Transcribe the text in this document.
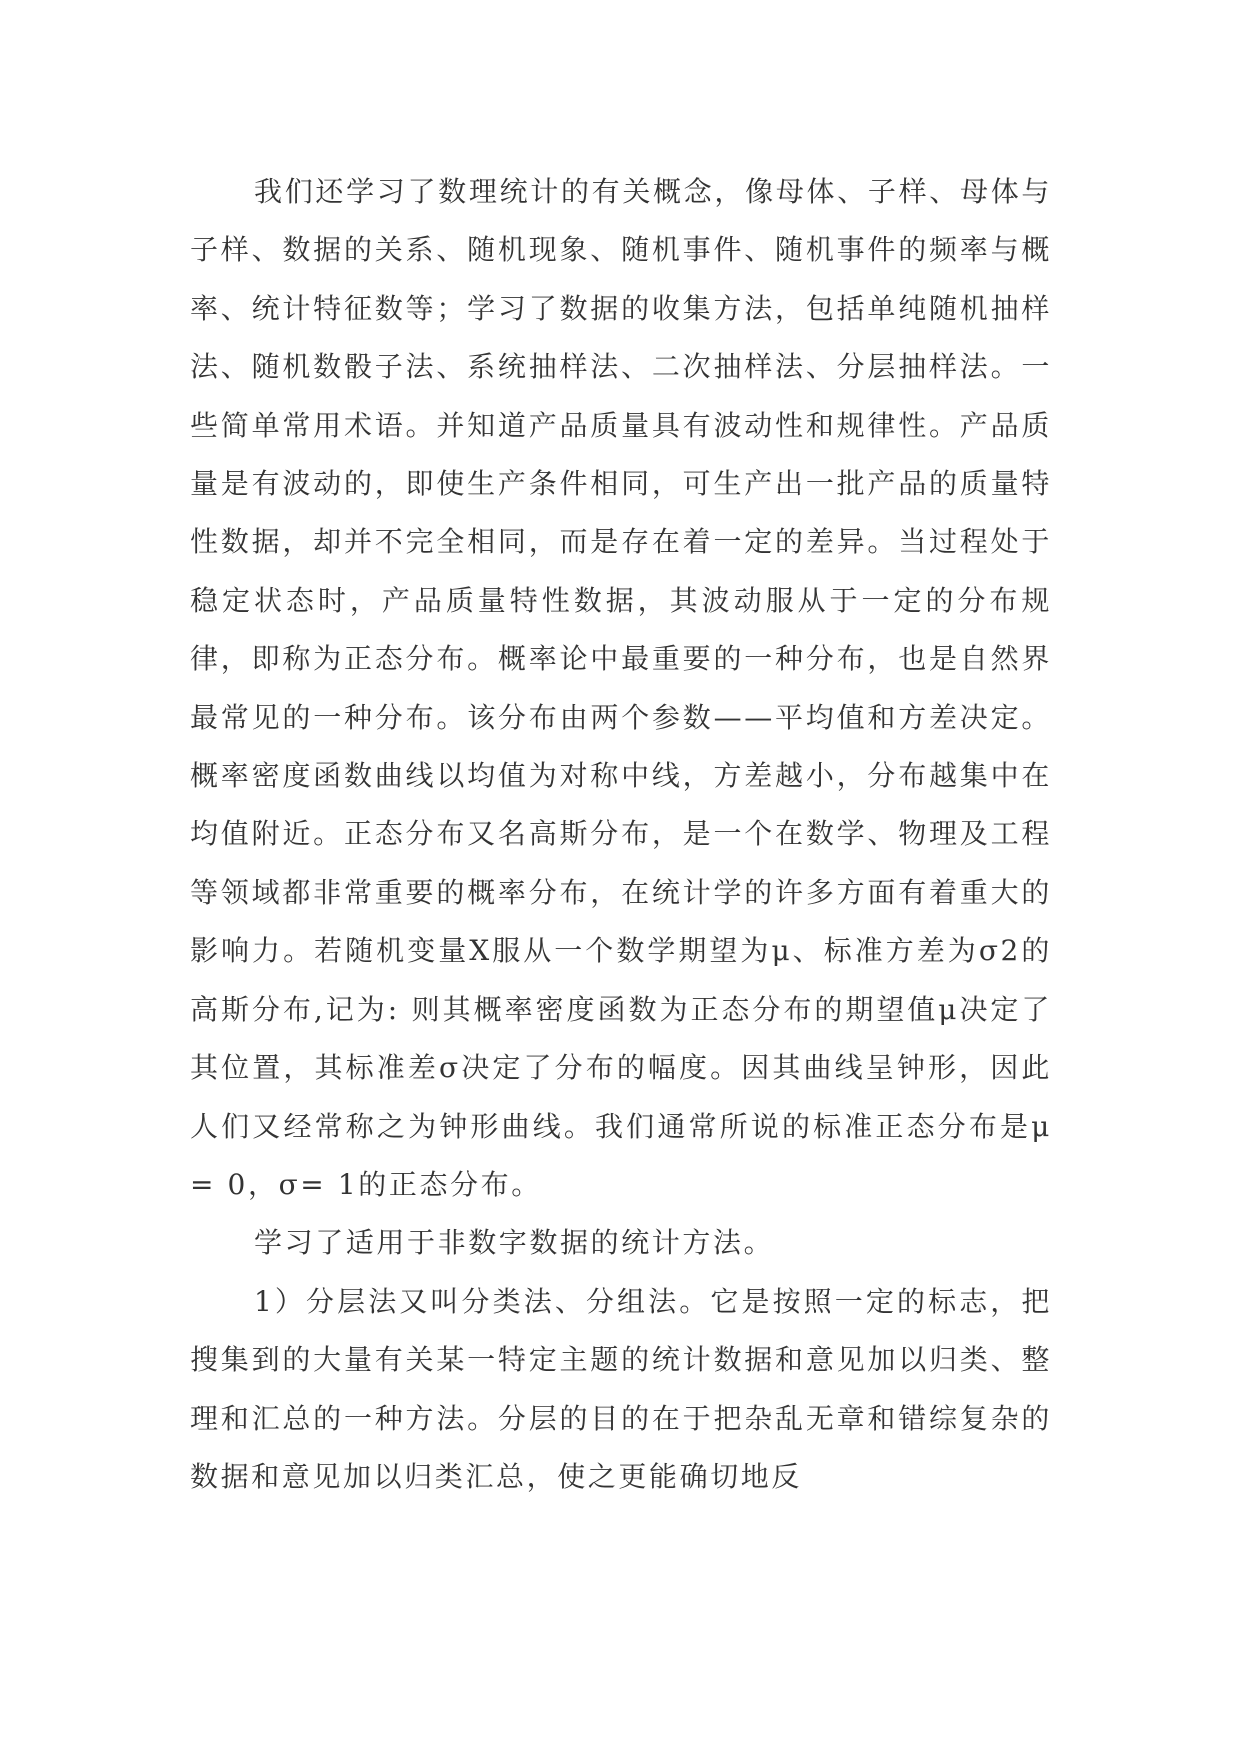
我们还学习了数理统计的有关概念，像母体、子样、母体与子样、数据的关系、随机现象、随机事件、随机事件的频率与概率、统计特征数等；学习了数据的收集方法，包括单纯随机抽样法、随机数骰子法、系统抽样法、二次抽样法、分层抽样法。一些简单常用术语。并知道产品质量具有波动性和规律性。产品质量是有波动的，即使生产条件相同，可生产出一批产品的质量特性数据，却并不完全相同，而是存在着一定的差异。当过程处于稳定状态时，产品质量特性数据，其波动服从于一定的分布规律，即称为正态分布。概率论中最重要的一种分布，也是自然界最常见的一种分布。该分布由两个参数——平均值和方差决定。概率密度函数曲线以均值为对称中线，方差越小，分布越集中在均值附近。正态分布又名高斯分布，是一个在数学、物理及工程等领域都非常重要的概率分布，在统计学的许多方面有着重大的影响力。若随机变量X服从一个数学期望为μ、标准方差为σ2的高斯分布,记为: 则其概率密度函数为正态分布的期望值μ决定了其位置，其标准差σ决定了分布的幅度。因其曲线呈钟形，因此人们又经常称之为钟形曲线。我们通常所说的标准正态分布是μ= 0，σ= 1的正态分布。

学习了适用于非数字数据的统计方法。

1）分层法又叫分类法、分组法。它是按照一定的标志，把搜集到的大量有关某一特定主题的统计数据和意见加以归类、整理和汇总的一种方法。分层的目的在于把杂乱无章和错综复杂的数据和意见加以归类汇总，使之更能确切地反
